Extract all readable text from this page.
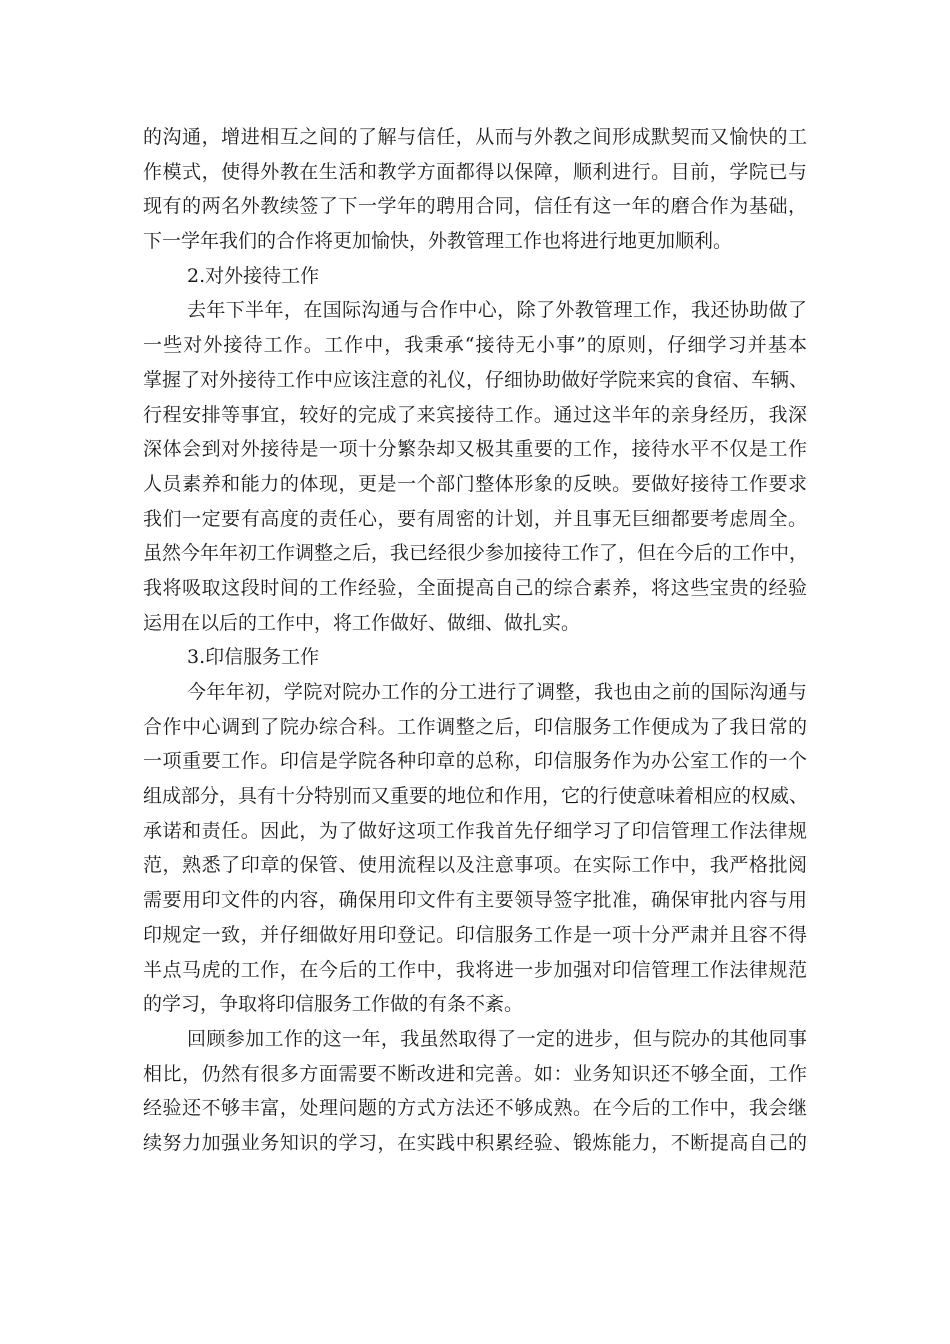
的沟通，增进相互之间的了解与信任，从而与外教之间形成默契而又愉快的工
作模式，使得外教在生活和教学方面都得以保障，顺利进行。目前，学院已与
现有的两名外教续签了下一学年的聘用合同，信任有这一年的磨合作为基础，
下一学年我们的合作将更加愉快，外教管理工作也将进行地更加顺利。
2.对外接待工作
去年下半年，在国际沟通与合作中心，除了外教管理工作，我还协助做了
一些对外接待工作。工作中，我秉承“接待无小事”的原则，仔细学习并基本
掌握了对外接待工作中应该注意的礼仪，仔细协助做好学院来宾的食宿、车辆、
行程安排等事宜，较好的完成了来宾接待工作。通过这半年的亲身经历，我深
深体会到对外接待是一项十分繁杂却又极其重要的工作，接待水平不仅是工作
人员素养和能力的体现，更是一个部门整体形象的反映。要做好接待工作要求
我们一定要有高度的责任心，要有周密的计划，并且事无巨细都要考虑周全。
虽然今年年初工作调整之后，我已经很少参加接待工作了，但在今后的工作中，
我将吸取这段时间的工作经验，全面提高自己的综合素养，将这些宝贵的经验
运用在以后的工作中，将工作做好、做细、做扎实。
3.印信服务工作
今年年初，学院对院办工作的分工进行了调整，我也由之前的国际沟通与
合作中心调到了院办综合科。工作调整之后，印信服务工作便成为了我日常的
一项重要工作。印信是学院各种印章的总称，印信服务作为办公室工作的一个
组成部分，具有十分特别而又重要的地位和作用，它的行使意味着相应的权威、
承诺和责任。因此，为了做好这项工作我首先仔细学习了印信管理工作法律规
范，熟悉了印章的保管、使用流程以及注意事项。在实际工作中，我严格批阅
需要用印文件的内容，确保用印文件有主要领导签字批准，确保审批内容与用
印规定一致，并仔细做好用印登记。印信服务工作是一项十分严肃并且容不得
半点马虎的工作，在今后的工作中，我将进一步加强对印信管理工作法律规范
的学习，争取将印信服务工作做的有条不紊。
回顾参加工作的这一年，我虽然取得了一定的进步，但与院办的其他同事
相比，仍然有很多方面需要不断改进和完善。如：业务知识还不够全面，工作
经验还不够丰富，处理问题的方式方法还不够成熟。在今后的工作中，我会继
续努力加强业务知识的学习，在实践中积累经验、锻炼能力，不断提高自己的
